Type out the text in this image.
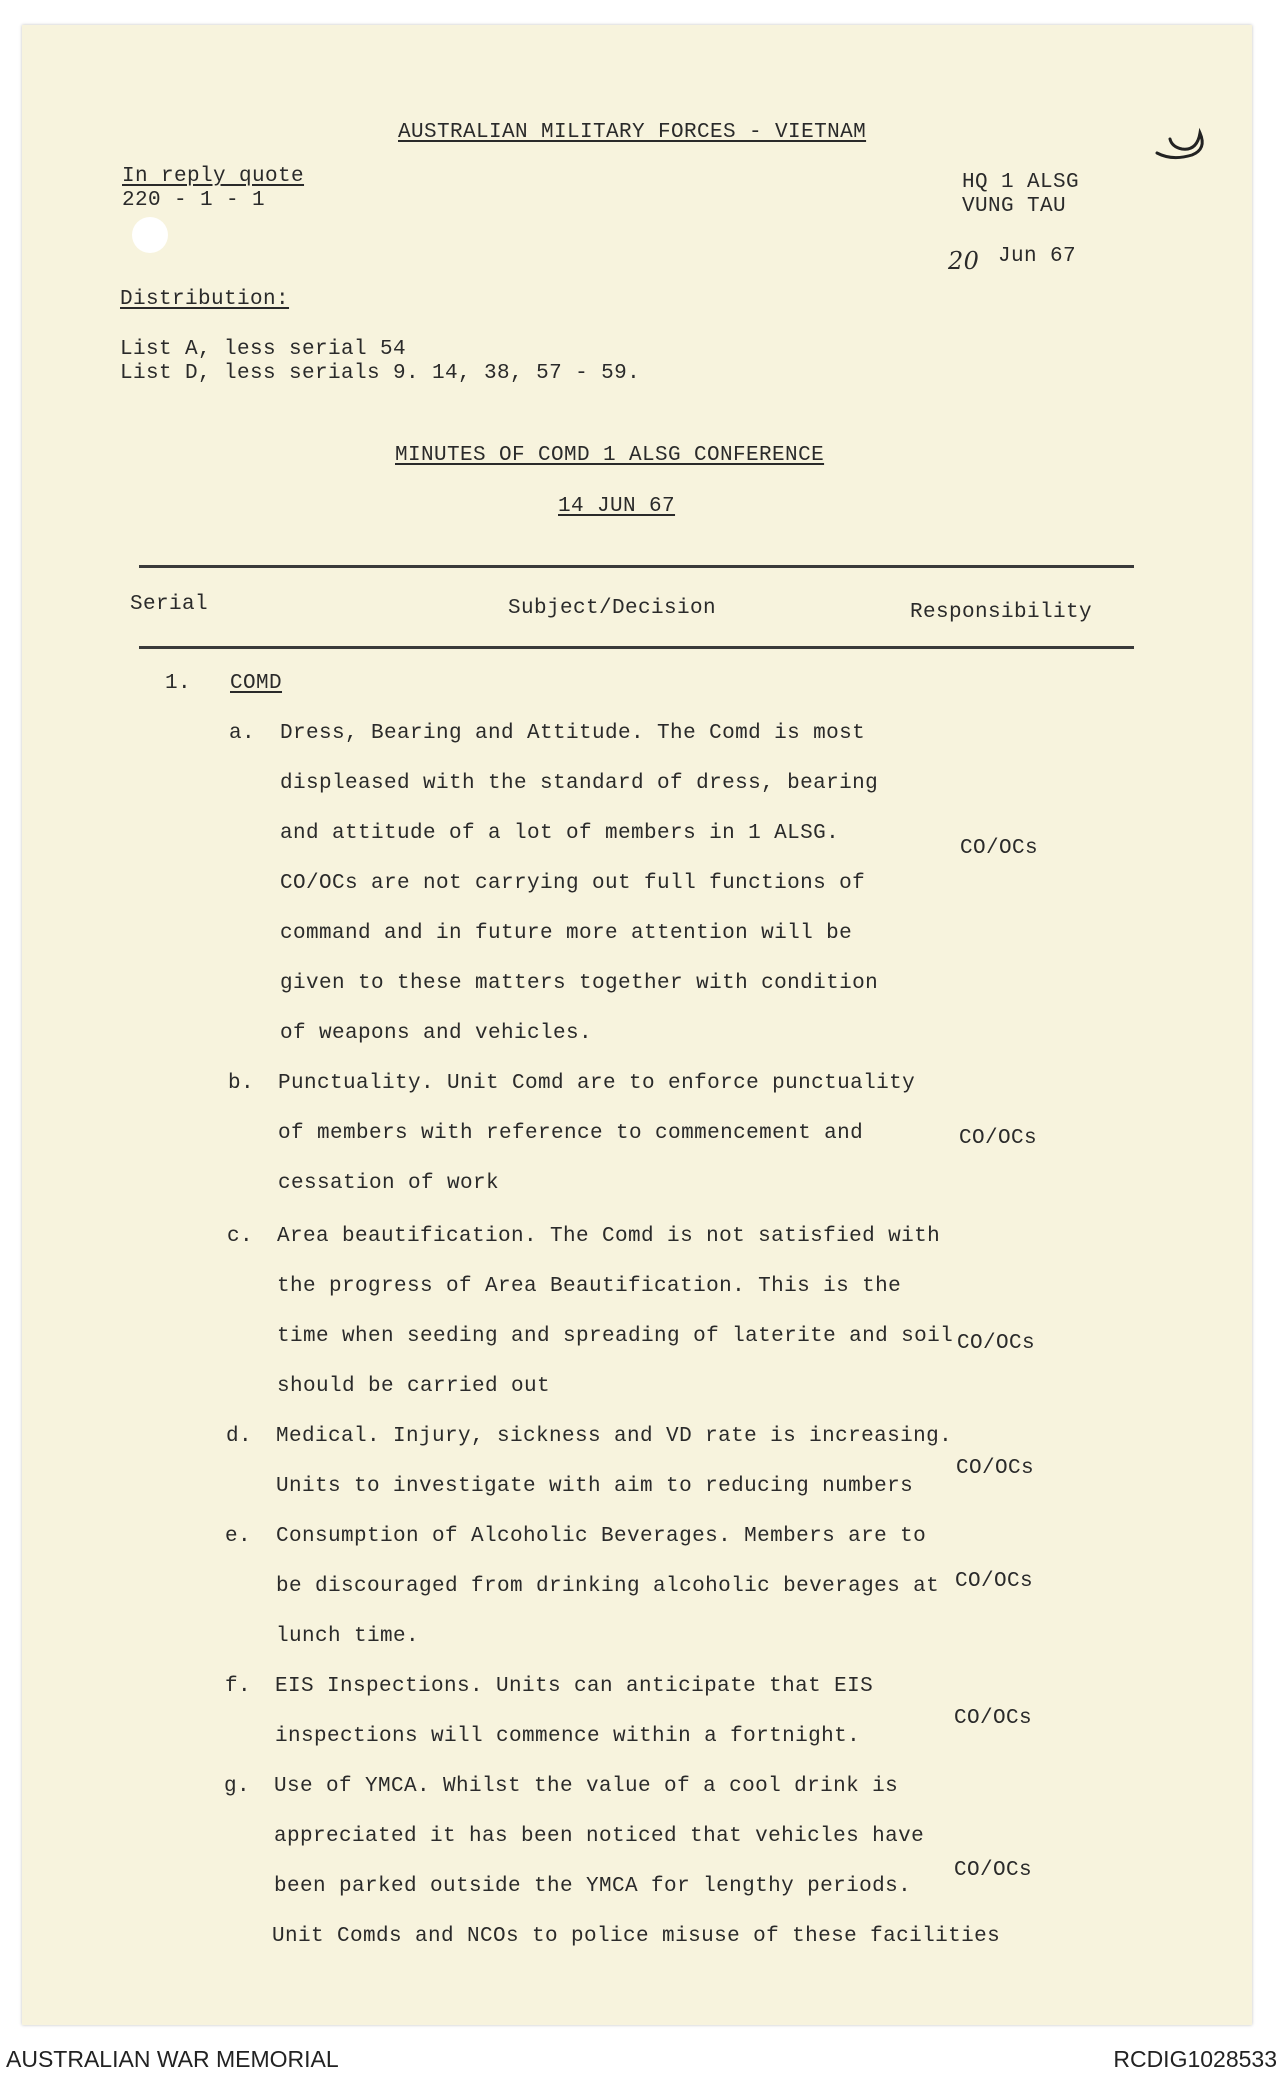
AUSTRALIAN MILITARY FORCES - VIETNAM
In reply quote
220 - 1 - 1
HQ 1 ALSG
VUNG TAU
20 Jun 67
Distribution:
List A, less serial 54
List D, less serials 9. 14, 38, 57 - 59.
MINUTES OF COMD 1 ALSG CONFERENCE
14 JUN 67
Serial	Subject/Decision	Responsibility
1. COMD
a. Dress, Bearing and Attitude. The Comd is most
displeased with the standard of dress, bearing
and attitude of a lot of members in 1 ALSG.
CO/OCs are not carrying out full functions of
command and in future more attention will be
given to these matters together with condition
of weapons and vehicles.
CO/OCs
b. Punctuality. Unit Comd are to enforce punctuality
of members with reference to commencement and
cessation of work
CO/OCs
c. Area beautification. The Comd is not satisfied with
the progress of Area Beautification. This is the
time when seeding and spreading of laterite and soil
should be carried out
CO/OCs
d. Medical. Injury, sickness and VD rate is increasing.
Units to investigate with aim to reducing numbers
CO/OCs
e. Consumption of Alcoholic Beverages. Members are to
be discouraged from drinking alcoholic beverages at
lunch time.
CO/OCs
f. EIS Inspections. Units can anticipate that EIS
inspections will commence within a fortnight.
CO/OCs
g. Use of YMCA. Whilst the value of a cool drink is
appreciated it has been noticed that vehicles have
been parked outside the YMCA for lengthy periods.
Unit Comds and NCOs to police misuse of these facilities
CO/OCs
AUSTRALIAN WAR MEMORIAL	RCDIG1028533
